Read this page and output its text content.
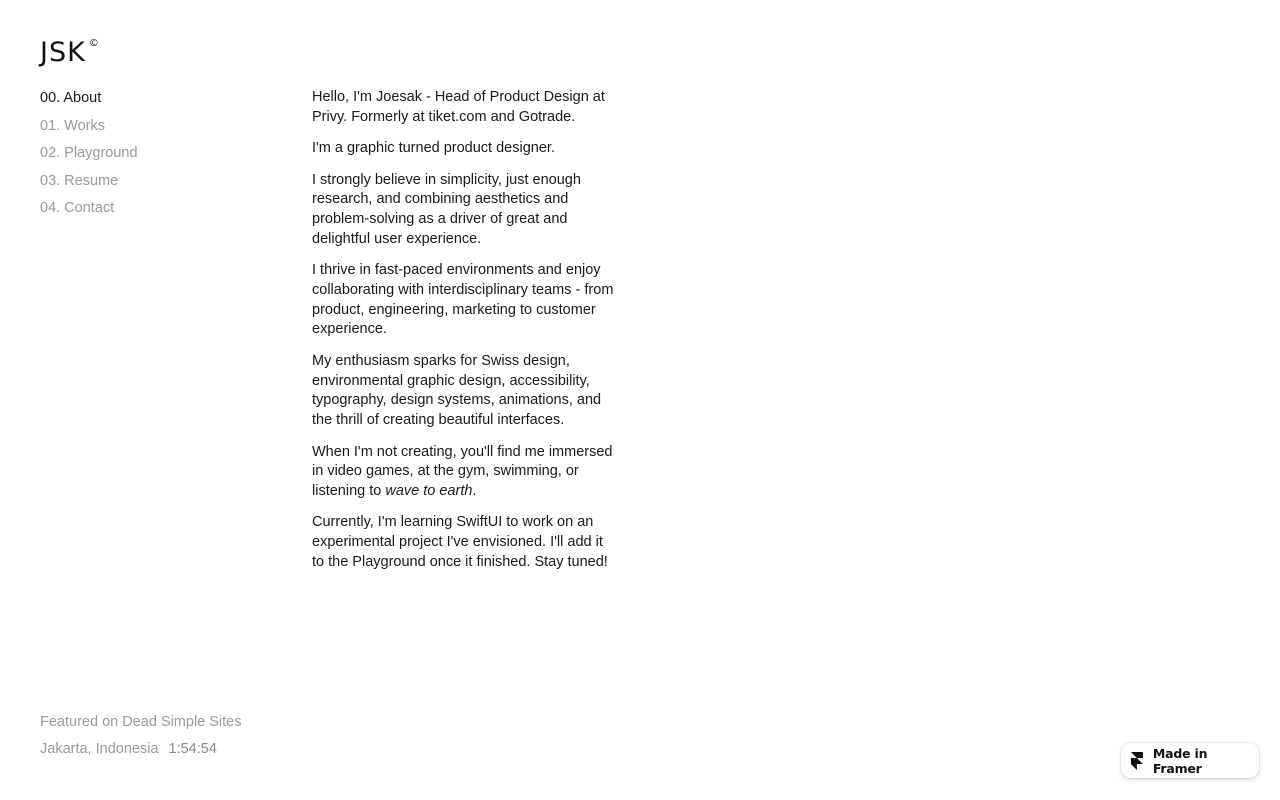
JSK ©
00. About
01. Works
02. Playground
03. Resume
04. Contact

Hello, I'm Joesak - Head of Product Design at Privy. Formerly at tiket.com and Gotrade.

I'm a graphic turned product designer.

I strongly believe in simplicity, just enough research, and combining aesthetics and problem-solving as a driver of great and delightful user experience.

I thrive in fast-paced environments and enjoy collaborating with interdisciplinary teams - from product, engineering, marketing to customer experience.

My enthusiasm sparks for Swiss design, environmental graphic design, accessibility, typography, design systems, animations, and the thrill of creating beautiful interfaces.

When I'm not creating, you'll find me immersed in video games, at the gym, swimming, or listening to wave to earth.

Currently, I'm learning SwiftUI to work on an experimental project I've envisioned. I'll add it to the Playground once it finished. Stay tuned!

Featured on Dead Simple Sites
Jakarta, Indonesia 1:54:54	Made in Framer
